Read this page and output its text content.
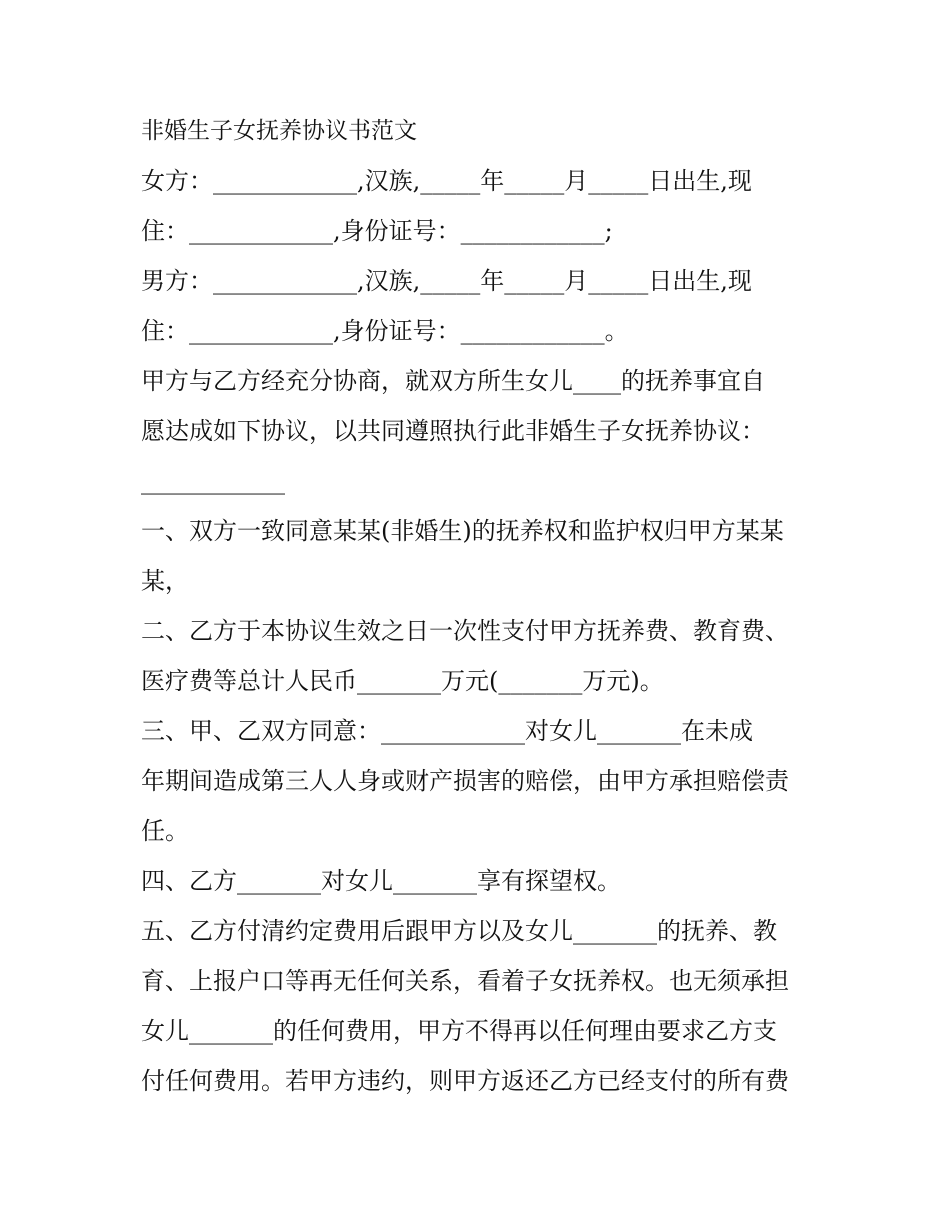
非婚生子女抚养协议书范文
女方：____________,汉族,_____年_____月_____日出生,现
住：____________,身份证号：____________;
男方：____________,汉族,_____年_____月_____日出生,现
住：____________,身份证号：____________。
甲方与乙方经充分协商，就双方所生女儿____的抚养事宜自
愿达成如下协议，以共同遵照执行此非婚生子女抚养协议：
____________
一、双方一致同意某某(非婚生)的抚养权和监护权归甲方某某
某，
二、乙方于本协议生效之日一次性支付甲方抚养费、教育费、
医疗费等总计人民币_______万元(_______万元)。
三、甲、乙双方同意：____________对女儿_______在未成
年期间造成第三人人身或财产损害的赔偿，由甲方承担赔偿责
任。
四、乙方_______对女儿_______享有探望权。
五、乙方付清约定费用后跟甲方以及女儿_______的抚养、教
育、上报户口等再无任何关系，看着子女抚养权。也无须承担
女儿_______的任何费用，甲方不得再以任何理由要求乙方支
付任何费用。若甲方违约，则甲方返还乙方已经支付的所有费
